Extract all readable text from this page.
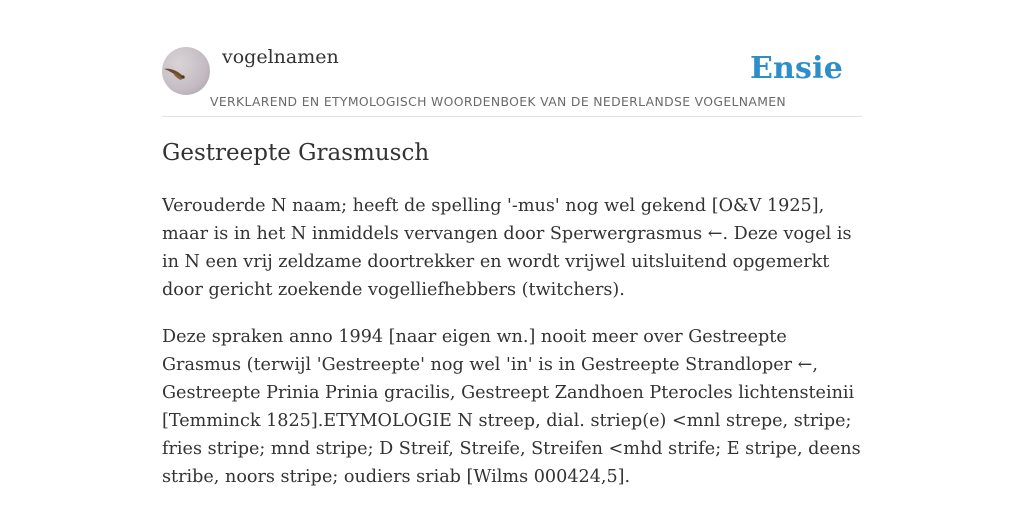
vogelnamen	Ensie
VERKLAREND EN ETYMOLOGISCH WOORDENBOEK VAN DE NEDERLANDSE VOGELNAMEN
Gestreepte Grasmusch

Verouderde N naam; heeft de spelling '-mus' nog wel gekend [O&V 1925], maar is in het N inmiddels vervangen door Sperwergrasmus ←. Deze vogel is in N een vrij zeldzame doortrekker en wordt vrijwel uitsluitend opgemerkt door gericht zoekende vogelliefhebbers (twitchers).

Deze spraken anno 1994 [naar eigen wn.] nooit meer over Gestreepte Grasmus (terwijl 'Gestreepte' nog wel 'in' is in Gestreepte Strandloper ←, Gestreepte Prinia Prinia gracilis, Gestreept Zandhoen Pterocles lichtensteinii [Temminck 1825].ETYMOLOGIE N streep, dial. striep(e) <mnl strepe, stripe; fries stripe; mnd stripe; D Streif, Streife, Streifen <mhd strife; E stripe, deens stribe, noors stripe; oudiers sriab [Wilms 000424,5].
